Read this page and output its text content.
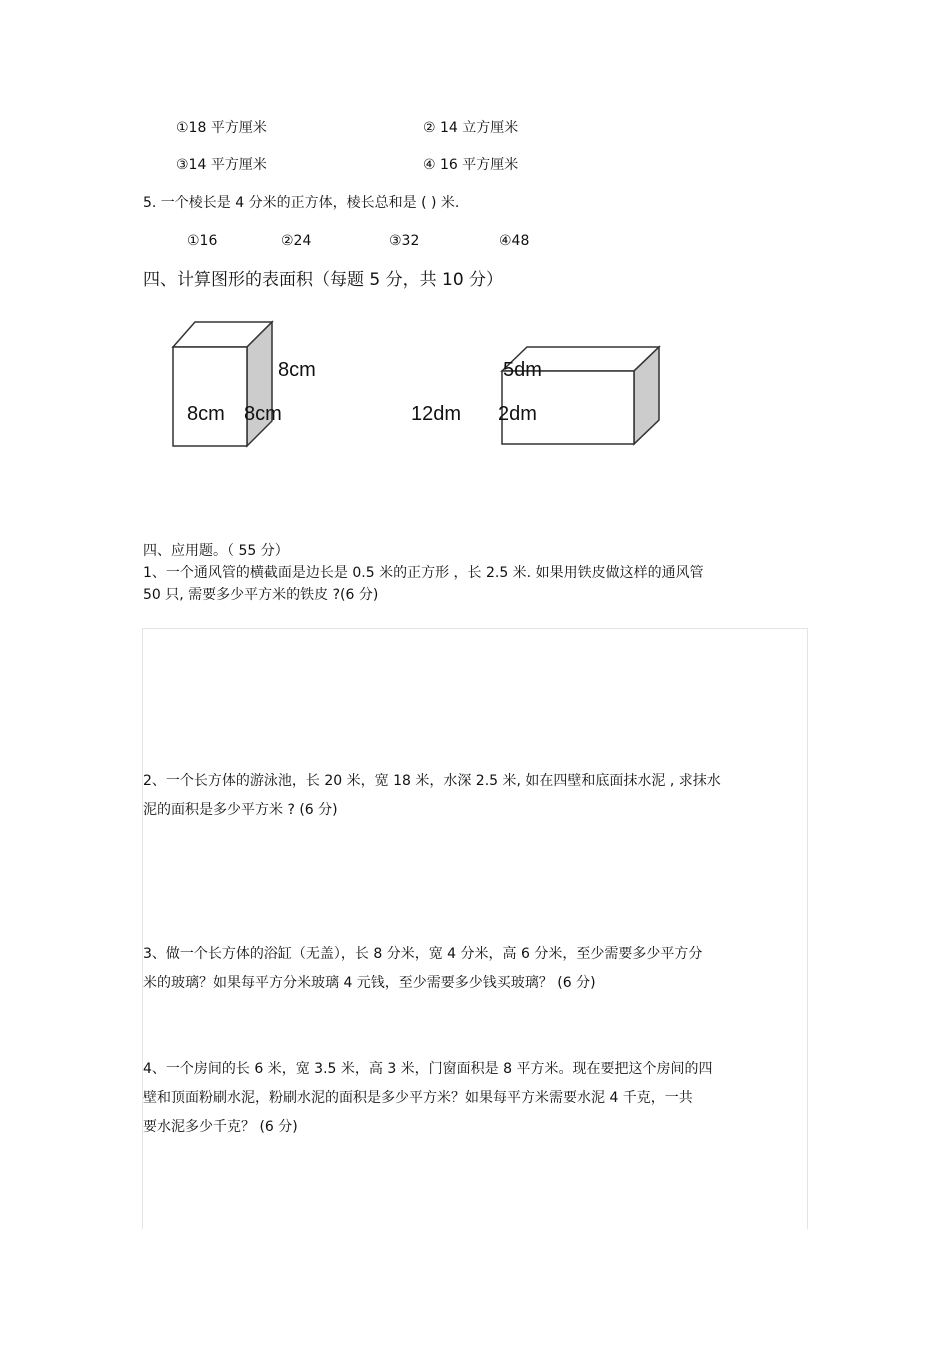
①18 平方厘米	② 14 立方厘米
③14 平方厘米	④ 16 平方厘米
5. 一个棱长是 4 分米的正方体，棱长总和是 ( ) 米.
①16	②24	③32	④48
四、计算图形的表面积（每题 5 分，共 10 分）
8cm
8cm 8cm
5dm
12dm 2dm
四、应用题。（ 55 分）
1、一个通风管的横截面是边长是 0.5 米的正方形 ，长 2.5 米. 如果用铁皮做这样的通风管
50 只, 需要多少平方米的铁皮 ?(6 分)
2、一个长方体的游泳池，长 20 米，宽 18 米，水深 2.5 米, 如在四壁和底面抹水泥 , 求抹水
泥的面积是多少平方米 ? (6 分)
3、做一个长方体的浴缸（无盖），长 8 分米，宽 4 分米，高 6 分米，至少需要多少平方分
米的玻璃？如果每平方分米玻璃 4 元钱，至少需要多少钱买玻璃？ (6 分)
4、一个房间的长 6 米，宽 3.5 米，高 3 米，门窗面积是 8 平方米。现在要把这个房间的四
壁和顶面粉刷水泥，粉刷水泥的面积是多少平方米？如果每平方米需要水泥 4 千克，一共
要水泥多少千克？ (6 分)
